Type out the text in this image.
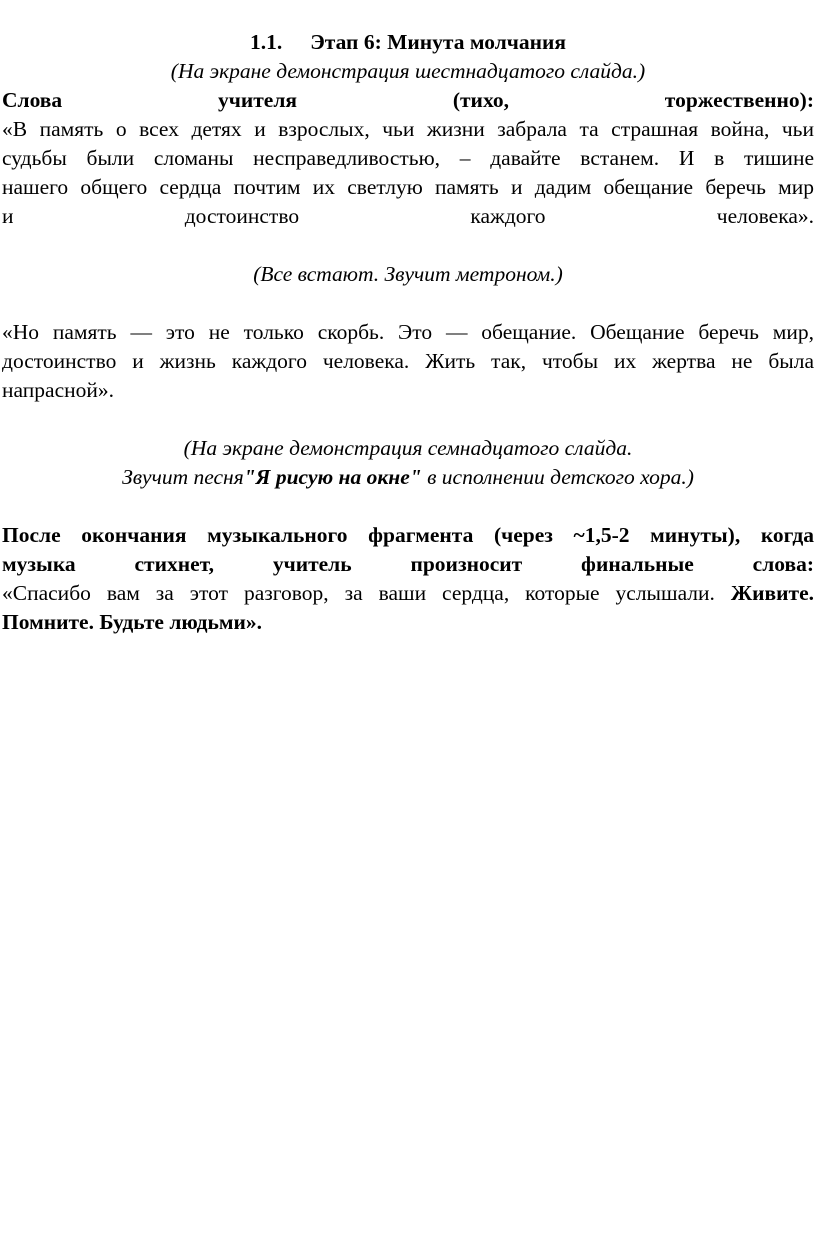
1.1. Этап 6: Минута молчания

(На экране демонстрация шестнадцатого слайда.)

Слова учителя (тихо, торжественно):

«В память о всех детях и взрослых, чьи жизни забрала та страшная война, чьи

судьбы были сломаны несправедливостью, – давайте встанем. И в тишине

нашего общего сердца почтим их светлую память и дадим обещание беречь мир

и достоинство каждого человека».

(Все встают. Звучит метроном.)

«Но память — это не только скорбь. Это — обещание. Обещание беречь мир,

достоинство и жизнь каждого человека. Жить так, чтобы их жертва не была

напрасной».

(На экране демонстрация семнадцатого слайда.

Звучит песня"Я рисую на окне" в исполнении детского хора.)

После окончания музыкального фрагмента (через ~1,5-2 минуты), когда

музыка стихнет, учитель произносит финальные слова:

«Спасибо вам за этот разговор, за ваши сердца, которые услышали. Живите.

Помните. Будьте людьми».
